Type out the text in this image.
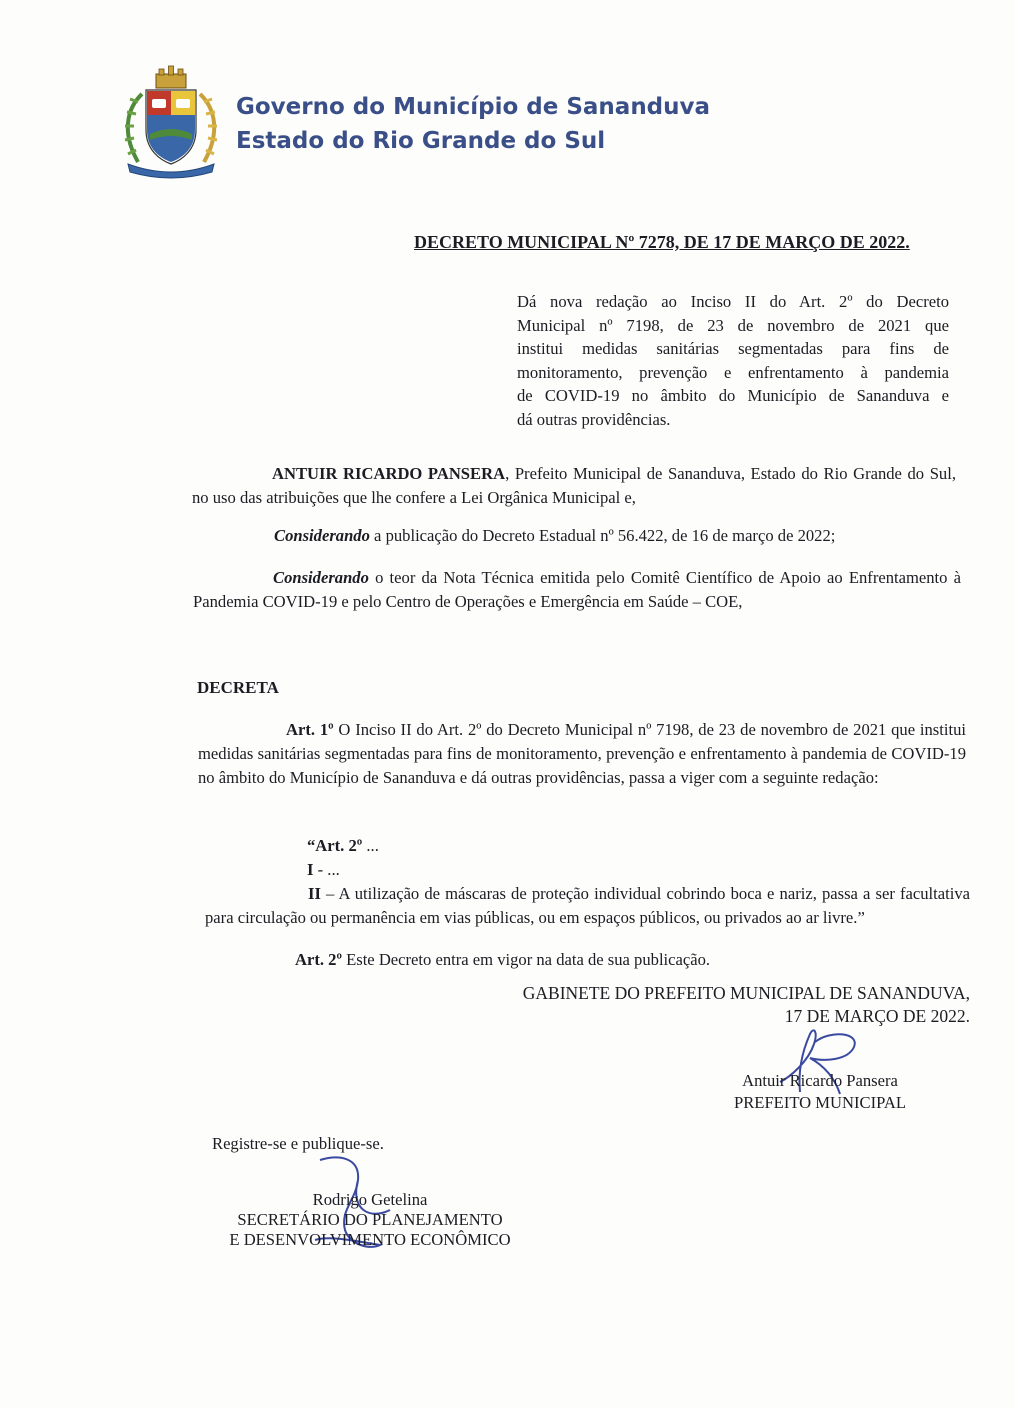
Governo do Município de Sananduva
Estado do Rio Grande do Sul
DECRETO MUNICIPAL Nº 7278, DE 17 DE MARÇO DE 2022.
Dá nova redação ao Inciso II do Art. 2º do Decreto
Municipal nº 7198, de 23 de novembro de 2021 que
institui medidas sanitárias segmentadas para fins de
monitoramento, prevenção e enfrentamento à pandemia
de COVID-19 no âmbito do Município de Sananduva e
dá outras providências.
ANTUIR RICARDO PANSERA, Prefeito Municipal de Sananduva, Estado do Rio Grande do Sul, no uso das atribuições que lhe confere a Lei Orgânica Municipal e,
Considerando a publicação do Decreto Estadual nº 56.422, de 16 de março de 2022;
Considerando o teor da Nota Técnica emitida pelo Comitê Científico de Apoio ao Enfrentamento à Pandemia COVID-19 e pelo Centro de Operações e Emergência em Saúde – COE,
DECRETA
Art. 1º O Inciso II do Art. 2º do Decreto Municipal nº 7198, de 23 de novembro de 2021 que institui medidas sanitárias segmentadas para fins de monitoramento, prevenção e enfrentamento à pandemia de COVID-19 no âmbito do Município de Sananduva e dá outras providências, passa a viger com a seguinte redação:
“Art. 2º ...
I - ...
II – A utilização de máscaras de proteção individual cobrindo boca e nariz, passa a ser facultativa para circulação ou permanência em vias públicas, ou em espaços públicos, ou privados ao ar livre.”
Art. 2º Este Decreto entra em vigor na data de sua publicação.
GABINETE DO PREFEITO MUNICIPAL DE SANANDUVA,
17 DE MARÇO DE 2022.
Antuir Ricardo Pansera
PREFEITO MUNICIPAL
Registre-se e publique-se.
Rodrigo Getelina
SECRETÁRIO DO PLANEJAMENTO
E DESENVOLVIMENTO ECONÔMICO
